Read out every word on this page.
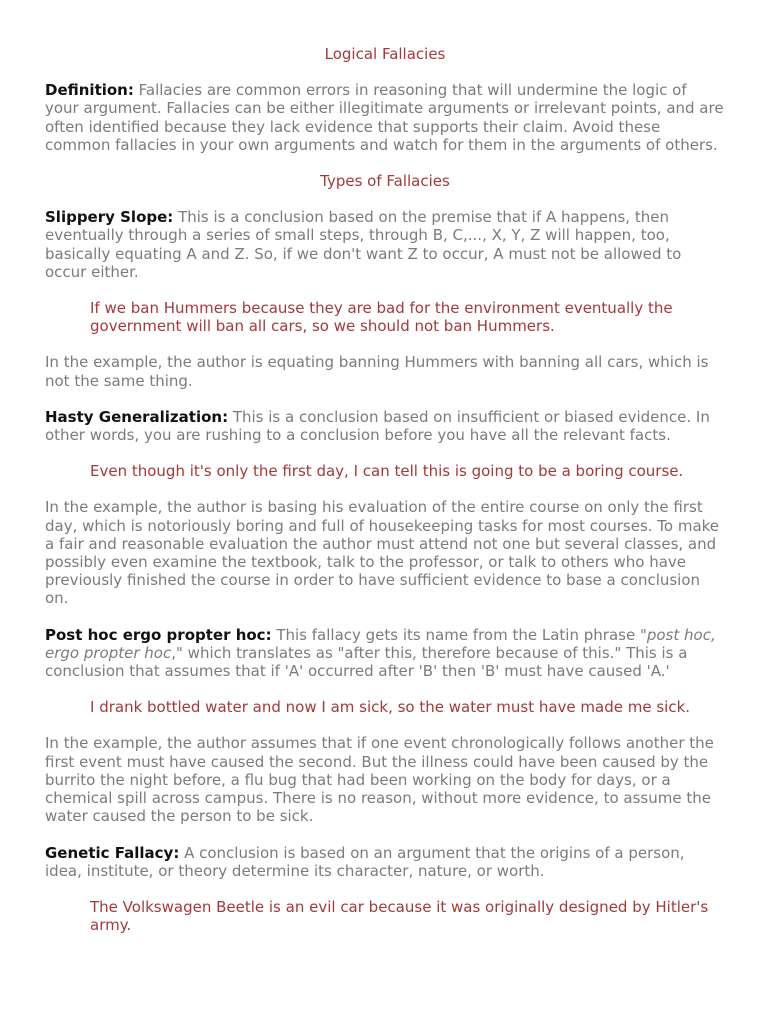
Logical Fallacies

Definition: Fallacies are common errors in reasoning that will undermine the logic of your argument. Fallacies can be either illegitimate arguments or irrelevant points, and are often identified because they lack evidence that supports their claim. Avoid these common fallacies in your own arguments and watch for them in the arguments of others.

Types of Fallacies

Slippery Slope: This is a conclusion based on the premise that if A happens, then eventually through a series of small steps, through B, C,..., X, Y, Z will happen, too, basically equating A and Z. So, if we don't want Z to occur, A must not be allowed to occur either.

If we ban Hummers because they are bad for the environment eventually the government will ban all cars, so we should not ban Hummers.

In the example, the author is equating banning Hummers with banning all cars, which is not the same thing.

Hasty Generalization: This is a conclusion based on insufficient or biased evidence. In other words, you are rushing to a conclusion before you have all the relevant facts.

Even though it's only the first day, I can tell this is going to be a boring course.

In the example, the author is basing his evaluation of the entire course on only the first day, which is notoriously boring and full of housekeeping tasks for most courses. To make a fair and reasonable evaluation the author must attend not one but several classes, and possibly even examine the textbook, talk to the professor, or talk to others who have previously finished the course in order to have sufficient evidence to base a conclusion on.

Post hoc ergo propter hoc: This fallacy gets its name from the Latin phrase "post hoc, ergo propter hoc," which translates as "after this, therefore because of this." This is a conclusion that assumes that if 'A' occurred after 'B' then 'B' must have caused 'A.'

I drank bottled water and now I am sick, so the water must have made me sick.

In the example, the author assumes that if one event chronologically follows another the first event must have caused the second. But the illness could have been caused by the burrito the night before, a flu bug that had been working on the body for days, or a chemical spill across campus. There is no reason, without more evidence, to assume the water caused the person to be sick.

Genetic Fallacy: A conclusion is based on an argument that the origins of a person, idea, institute, or theory determine its character, nature, or worth.

The Volkswagen Beetle is an evil car because it was originally designed by Hitler's army.
